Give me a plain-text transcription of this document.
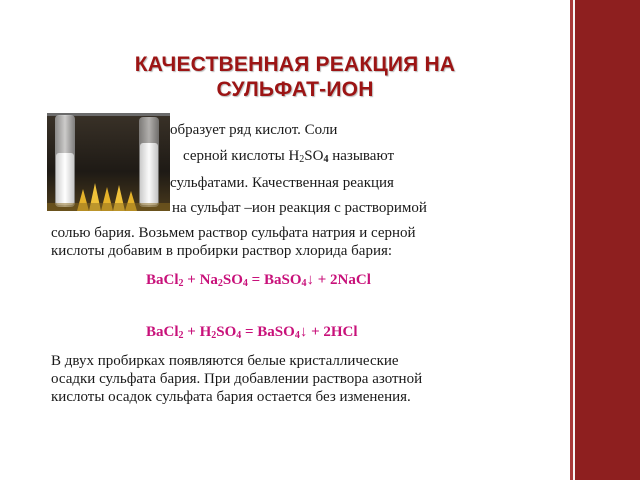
КАЧЕСТВЕННАЯ РЕАКЦИЯ НА
СУЛЬФАТ-ИОН
образует ряд кислот. Соли
серной кислоты $H_2SO_4$ называют
сульфатами. Качественная реакция
на сульфат –ион реакция с растворимой
солью бария. Возьмем раствор сульфата натрия и серной
кислоты добавим в пробирки раствор хлорида бария:
BaCl$_2$ + $Na_2SO_4$ = BaSO$_4$↓ + 2NaCl
BaCl$_2$ + $H_2SO_4$ = BaSO$_4$↓ + 2HCl
В двух пробирках появляются белые кристаллические
осадки сульфата бария. При добавлении раствора азотной
кислоты осадок сульфата бария остается без изменения.
